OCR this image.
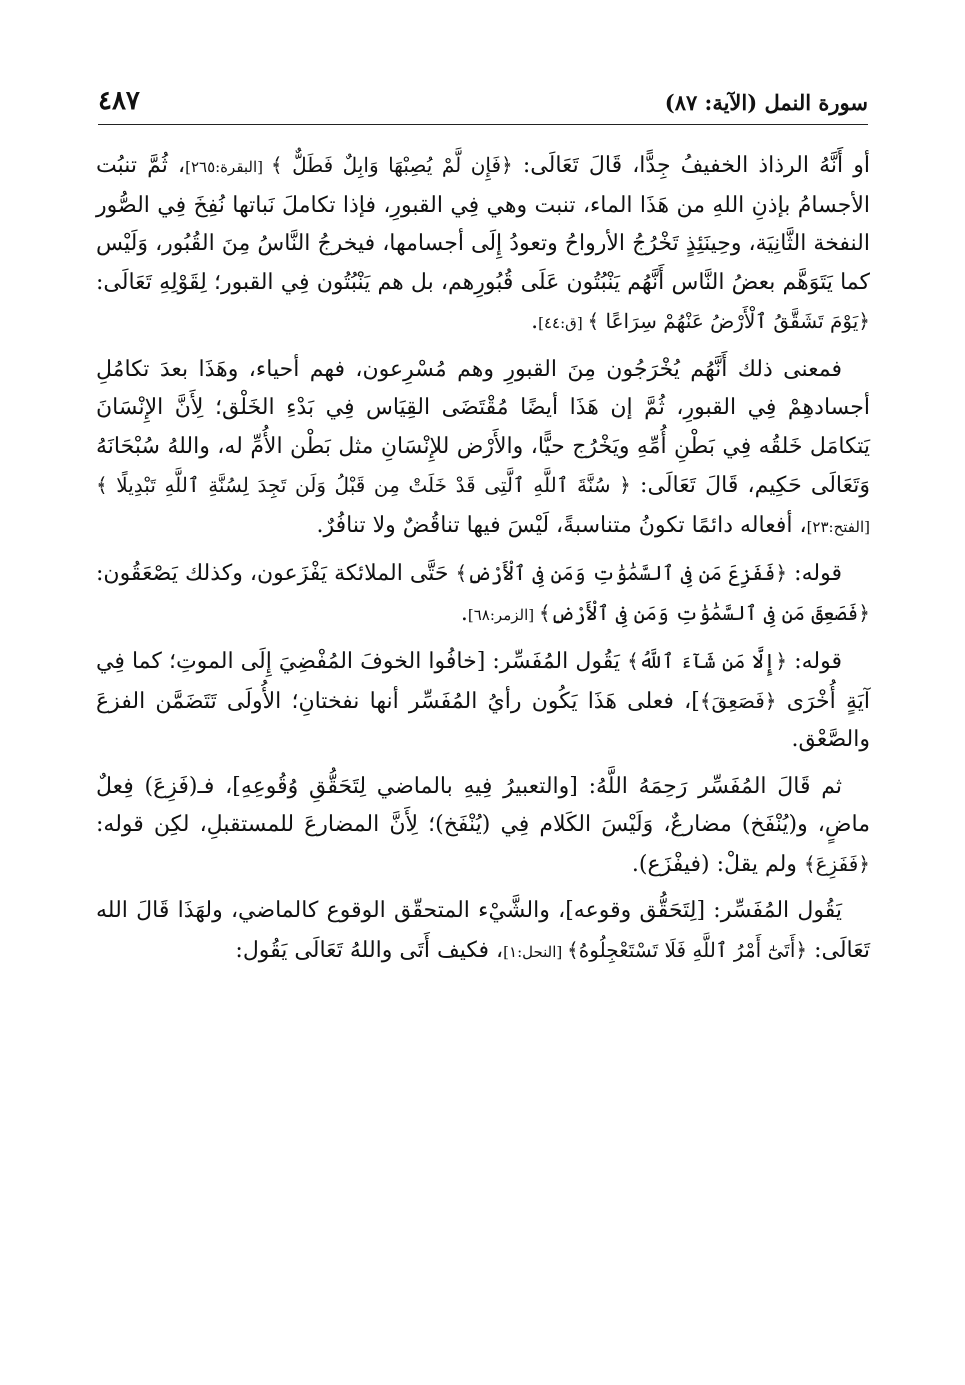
سورة النمل (الآية: ٨٧)
٤٨٧

أو أَنَّهُ الرذاذ الخفيفُ جِدًّا، قَالَ تَعَالَى: ﴿فَإِن لَّمْ يُصِبْهَا وَابِلٌ فَطَلٌّ ﴾ [البقرة:٢٦٥]، ثُمَّ تنبُت الأجسامُ بإذنِ اللهِ من هَذَا الماء، تنبت وهي فِي القبورِ، فإذا تكاملَ نَباتها نُفِخَ فِي الصُّور النفخة الثَّانِيَة، وحِينَئِذٍ تَخْرُجُ الأرواحُ وتعودُ إِلَى أجسامها، فيخرجُ النَّاسُ مِنَ القُبُور، وَلَيْس كما يَتَوَهَّم بعضُ النَّاس أَنَّهُم يَنْبُتُون عَلَى قُبُورِهم، بل هم يَنْبُتُون فِي القبور؛ لِقَوْلِهِ تَعَالَى: ﴿يَوْمَ تَشَقَّقُ ٱلْأَرْضُ عَنْهُمْ سِرَاعًا ﴾ [ق:٤٤].

فمعنى ذلك أَنَّهُم يُخْرَجُون مِنَ القبورِ وهم مُسْرِعون، فهم أحياء، وهَذَا بعدَ تكامُلِ أجسادهِمْ فِي القبورِ، ثُمَّ إن هَذَا أيضًا مُقْتَضَى القِيَاس فِي بَدْءِ الخَلْق؛ لِأَنَّ الإِنْسَانَ يَتكامَل خَلقُه فِي بَطْنِ أُمِّهِ ويَخْرُج حيًّا، والأَرْض للإِنْسَانِ مثل بَطْن الأُمِّ له، واللهُ سُبْحَانَهُ وَتَعَالَى حَكِيم، قَالَ تَعَالَى: ﴿ سُنَّةَ ٱللَّهِ ٱلَّتِى قَدْ خَلَتْ مِن قَبْلُ وَلَن تَجِدَ لِسُنَّةِ ٱللَّهِ تَبْدِيلًا ﴾ [الفتح:٢٣]، أفعاله دائمًا تكونُ متناسبةً، لَيْسَ فيها تناقُضٌ ولا تنافُرٌ.

قوله: ﴿فَفَزِعَ مَن فِى ٱلسَّمَٰوَٰتِ وَمَن فِى ٱلْأَرْضِ﴾ حَتَّى الملائكة يَفْزَعون، وكذلك يَصْعَقُون: ﴿فَصَعِقَ مَن فِى ٱلسَّمَٰوَٰتِ وَمَن فِى ٱلْأَرْضِ﴾ [الزمر:٦٨].

قوله: ﴿إِلَّا مَن شَآءَ ٱللَّهُ﴾ يَقُول المُفَسِّر: [خافُوا الخوفَ المُفْضِيَ إِلَى الموتِ؛ كما فِي آيَةٍ أُخْرَى ﴿فَصَعِقَ﴾]، فعلى هَذَا يَكُون رأيُ المُفَسِّر أنها نفختانِ؛ الأُولَى تَتَضَمَّن الفزعَ والصَّعْق.

ثم قَالَ المُفَسِّر رَحِمَهُ اللَّهُ: [والتعبيرُ فِيهِ بالماضي لِتَحَقُّقِ وُقُوعِهِ]، فـ(فَزِعَ) فِعلٌ ماضٍ، و(يُنْفَخ) مضارعٌ، وَلَيْسَ الكَلام فِي (يُنْفَخ)؛ لِأَنَّ المضارعَ للمستقبلِ، لكِن قوله: ﴿فَفَزِعَ﴾ ولم يقلْ: (فيفْزَع).

يَقُول المُفَسِّر: [لِتَحَقُّق وقوعه]، والشَّيْء المتحقّق الوقوع كالماضي، ولهَذَا قَالَ الله تَعَالَى: ﴿أَتَىٰٓ أَمْرُ ٱللَّهِ فَلَا تَسْتَعْجِلُوهُ﴾ [النحل:١]، فكيف أَتَى واللهُ تَعَالَى يَقُول:
